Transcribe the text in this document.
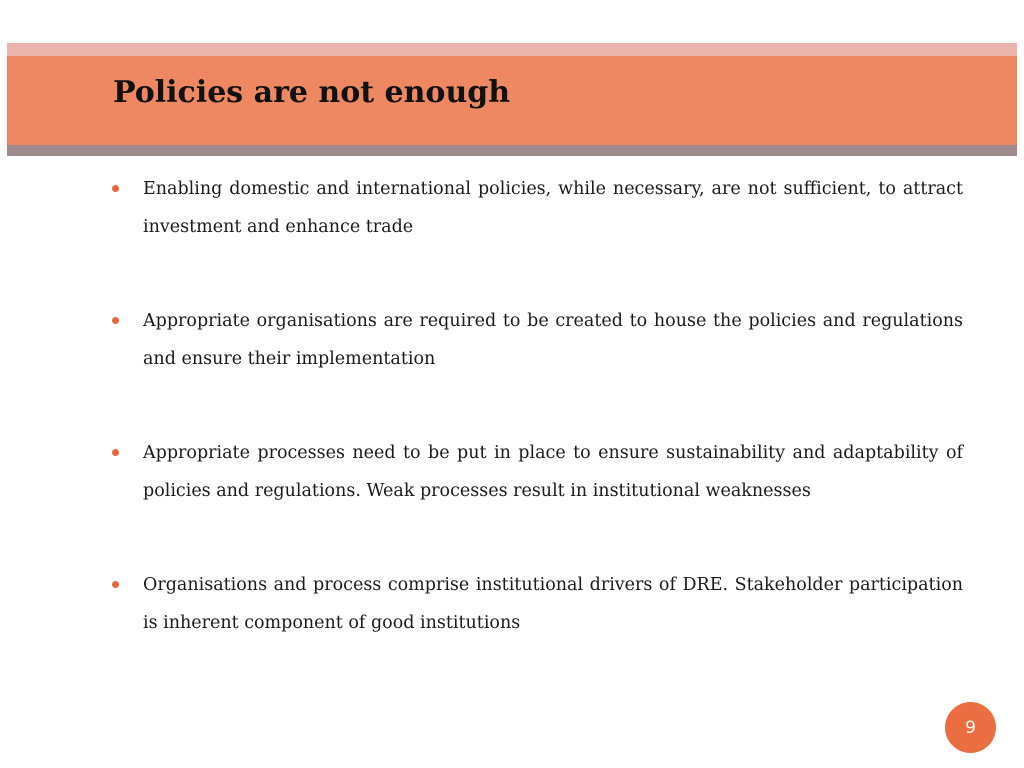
Policies are not enough
Enabling domestic and international policies, while necessary, are not sufficient, to attract investment and enhance trade
Appropriate organisations are required to be created to house the policies and regulations and ensure their implementation
Appropriate processes need to be put in place to ensure sustainability and adaptability of policies and regulations. Weak processes result in institutional weaknesses
Organisations and process comprise institutional drivers of DRE. Stakeholder participation is inherent component of good institutions
9
